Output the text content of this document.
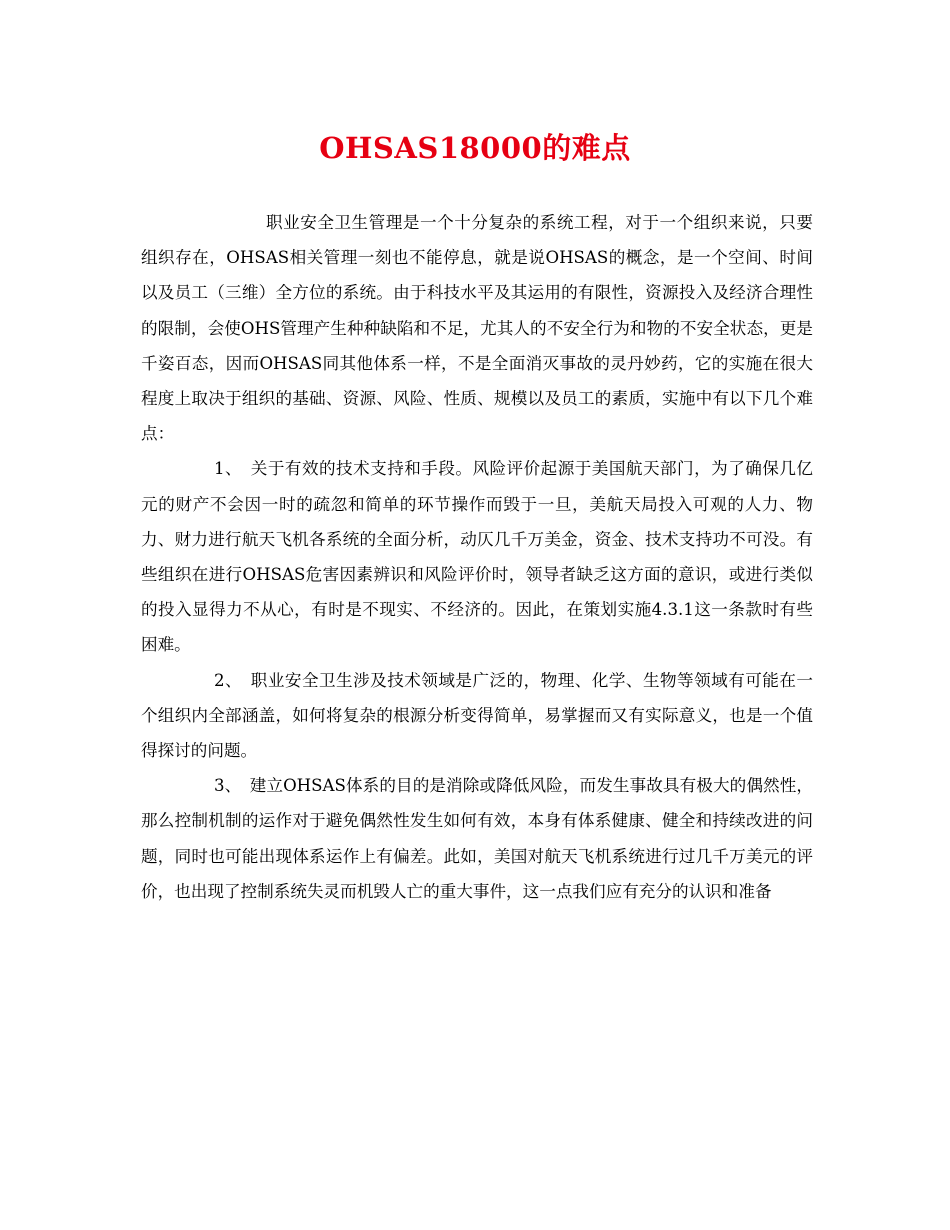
OHSAS18000的难点

职业安全卫生管理是一个十分复杂的系统工程，对于一个组织来说，只要组织存在，OHSAS相关管理一刻也不能停息，就是说OHSAS的概念，是一个空间、时间以及员工（三维）全方位的系统。由于科技水平及其运用的有限性，资源投入及经济合理性的限制，会使OHS管理产生种种缺陷和不足，尤其人的不安全行为和物的不安全状态，更是千姿百态，因而OHSAS同其他体系一样，不是全面消灭事故的灵丹妙药，它的实施在很大程度上取决于组织的基础、资源、风险、性质、规模以及员工的素质，实施中有以下几个难点：

1、　关于有效的技术支持和手段。风险评价起源于美国航天部门，为了确保几亿元的财产不会因一时的疏忽和简单的环节操作而毁于一旦，美航天局投入可观的人力、物力、财力进行航天飞机各系统的全面分析，动仄几千万美金，资金、技术支持功不可没。有些组织在进行OHSAS危害因素辨识和风险评价时，领导者缺乏这方面的意识，或进行类似的投入显得力不从心，有时是不现实、不经济的。因此，在策划实施4.3.1这一条款时有些困难。

2、　职业安全卫生涉及技术领域是广泛的，物理、化学、生物等领域有可能在一个组织内全部涵盖，如何将复杂的根源分析变得简单，易掌握而又有实际意义，也是一个值得探讨的问题。

3、　建立OHSAS体系的目的是消除或降低风险，而发生事故具有极大的偶然性，那么控制机制的运作对于避免偶然性发生如何有效，本身有体系健康、健全和持续改进的问题，同时也可能出现体系运作上有偏差。此如，美国对航天飞机系统进行过几千万美元的评价，也出现了控制系统失灵而机毁人亡的重大事件，这一点我们应有充分的认识和准备
